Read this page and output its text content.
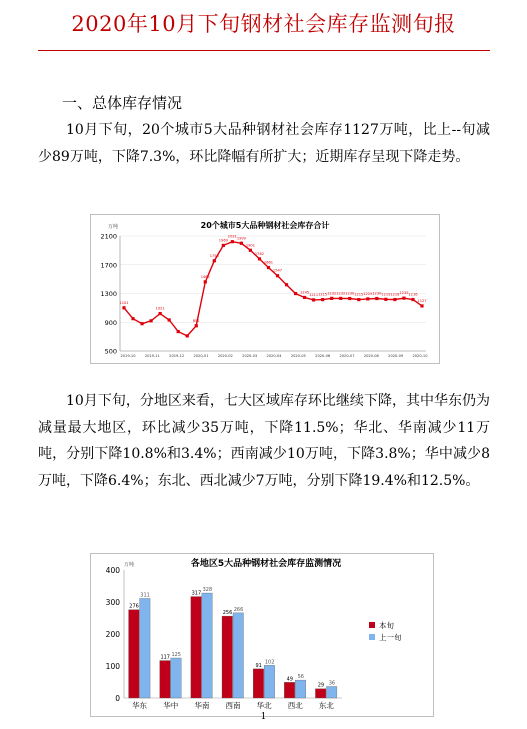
2020年10月下旬钢材社会库存监测旬报
一、总体库存情况
10月下旬，20个城市5大品种钢材社会库存1127万吨，比上--旬减少89万吨，下降7.3%，环比降幅有所扩大；近期库存呈现下降走势。
20个城市5大品种钢材社会库存合计
万吨
500
900
1300
1700
2100
1101
1021
851
1462
1755
1969
2021 1999
1901
1782
1661
1547
1245
1211 1215 1232 1232 1230 1215 1225 1230 1219 1216 1235 1216
1127
2019-10	2019-11	2019-12	2020-01	2020-02	2020-03	2020-04	2020-05	2020-06	2020-07	2020-08	2020-09	2020-10
10月下旬，分地区来看，七大区域库存环比继续下降，其中华东仍为减量最大地区，环比减少35万吨，下降11.5%；华北、华南减少11万吨，分别下降10.8%和3.4%；西南减少10万吨，下降3.8%；华中减少8万吨，下降6.4%；东北、西北减少7万吨，分别下降19.4%和12.5%。
各地区5大品种钢材社会库存监测情况
万吨
0
100
200
300
400
276
311
华东
117 125
华中
317
328
华南
256
266
西南
91
102
华北
49 56
西北
29 36
东北
本旬
上一旬
1
